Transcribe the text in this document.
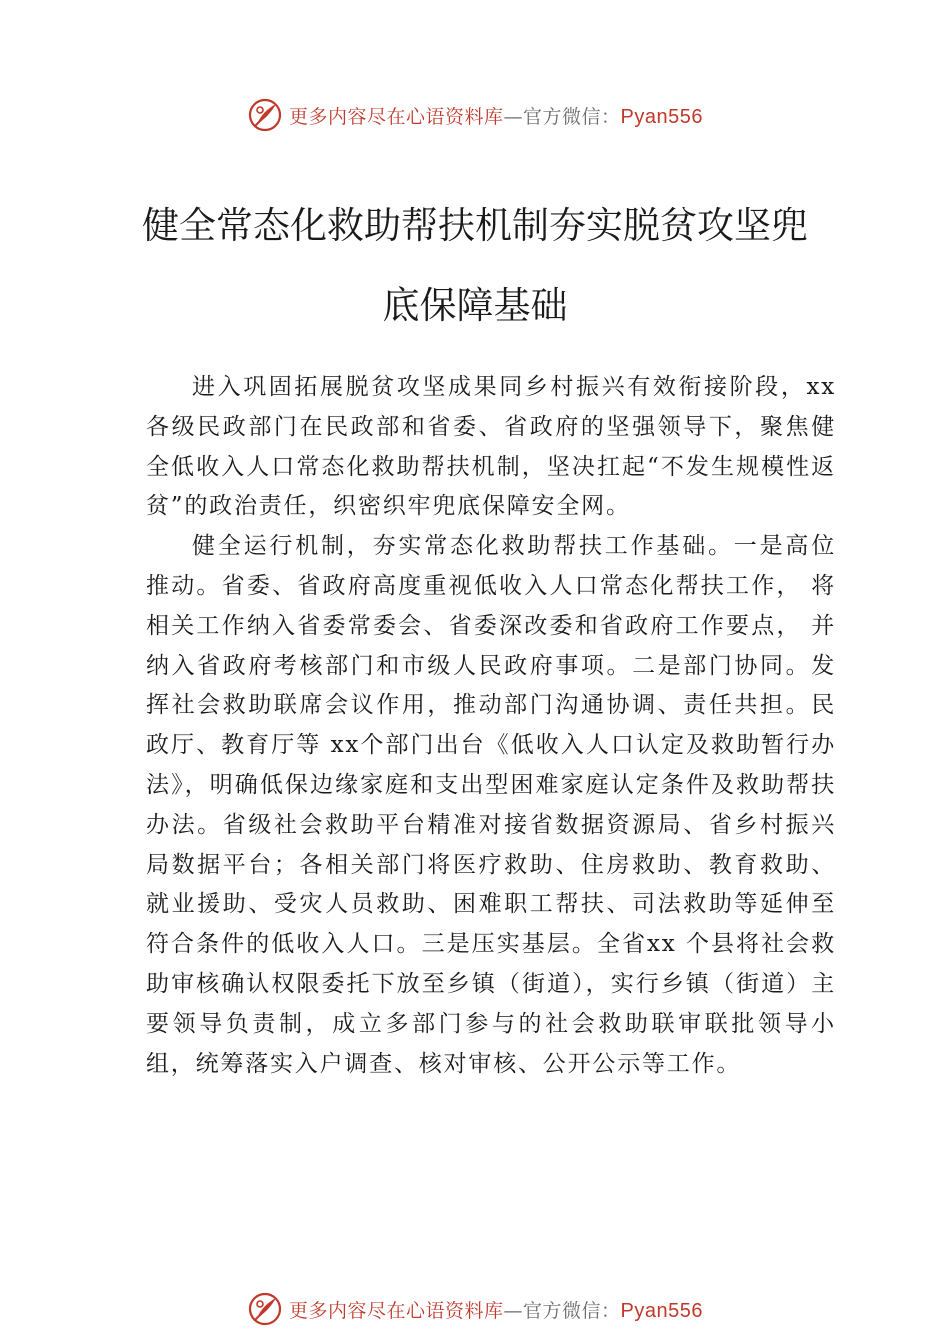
更多内容尽在心语资料库—官方微信：Pyan556
健全常态化救助帮扶机制夯实脱贫攻坚兜
底保障基础

进入巩固拓展脱贫攻坚成果同乡村振兴有效衔接阶段，xx各级民政部门在民政部和省委、省政府的坚强领导下，聚焦健全低收入人口常态化救助帮扶机制，坚决扛起“不发生规模性返贫”的政治责任，织密织牢兜底保障安全网。

健全运行机制，夯实常态化救助帮扶工作基础。一是高位推动。省委、省政府高度重视低收入人口常态化帮扶工作， 将相关工作纳入省委常委会、省委深改委和省政府工作要点， 并纳入省政府考核部门和市级人民政府事项。二是部门协同。发挥社会救助联席会议作用，推动部门沟通协调、责任共担。民政厅、教育厅等 xx个部门出台《低收入人口认定及救助暂行办法》，明确低保边缘家庭和支出型困难家庭认定条件及救助帮扶办法。省级社会救助平台精准对接省数据资源局、省乡村振兴局数据平台；各相关部门将医疗救助、住房救助、教育救助、就业援助、受灾人员救助、困难职工帮扶、司法救助等延伸至符合条件的低收入人口。三是压实基层。全省xx 个县将社会救助审核确认权限委托下放至乡镇（街道），实行乡镇（街道）主要领导负责制，成立多部门参与的社会救助联审联批领导小组，统筹落实入户调查、核对审核、公开公示等工作。

更多内容尽在心语资料库—官方微信：Pyan556
